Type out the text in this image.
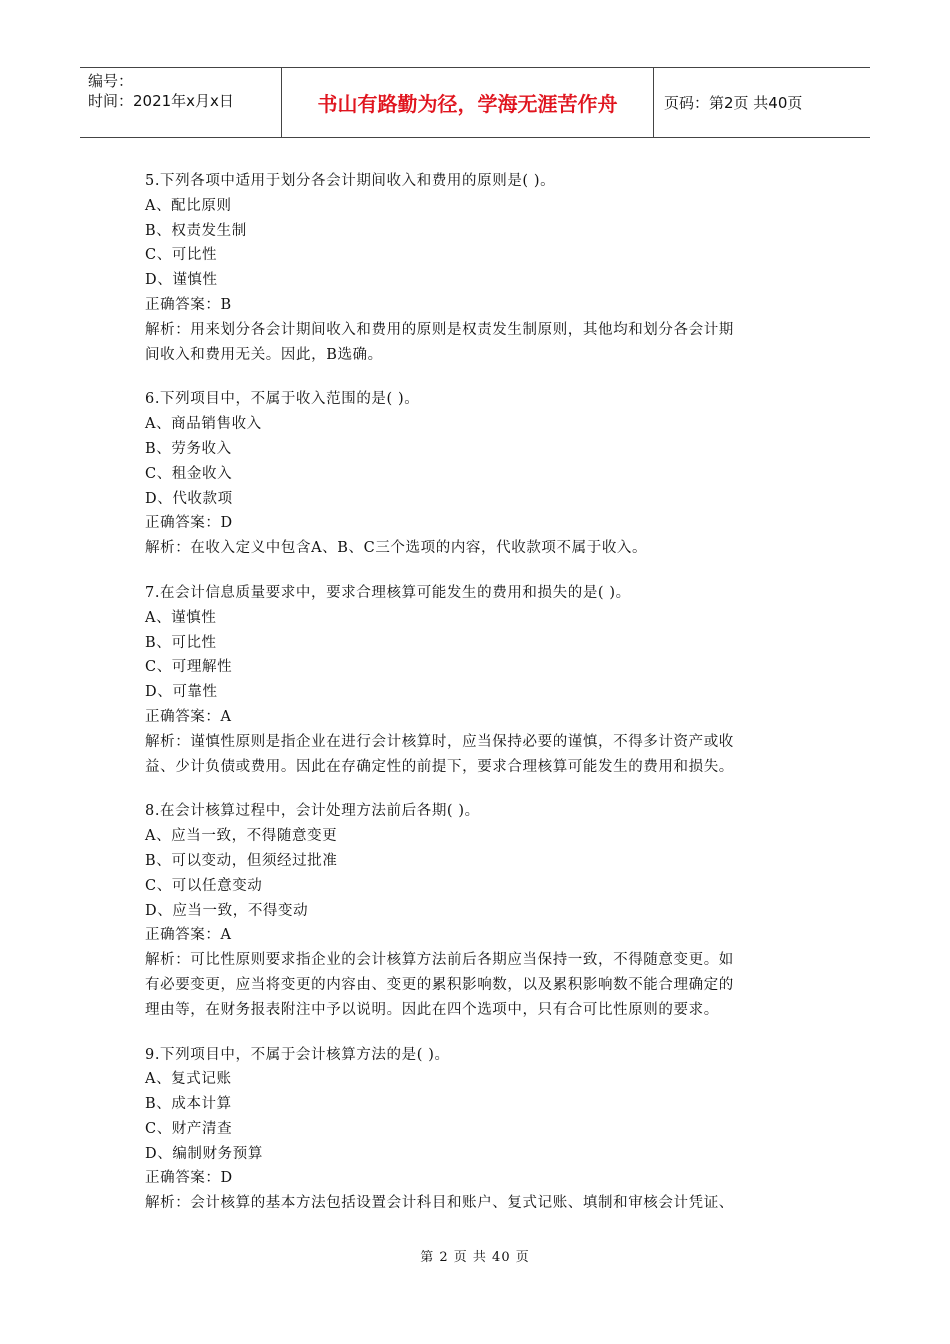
编号：
时间：2021年x月x日	书山有路勤为径，学海无涯苦作舟	页码：第2页 共40页
5.下列各项中适用于划分各会计期间收入和费用的原则是( )。
A、配比原则
B、权责发生制
C、可比性
D、谨慎性
正确答案：B
解析：用来划分各会计期间收入和费用的原则是权责发生制原则，其他均和划分各会计期
间收入和费用无关。因此，B选确。
6.下列项目中，不属于收入范围的是( )。
A、商品销售收入
B、劳务收入
C、租金收入
D、代收款项
正确答案：D
解析：在收入定义中包含A、B、C三个选项的内容，代收款项不属于收入。
7.在会计信息质量要求中，要求合理核算可能发生的费用和损失的是( )。
A、谨慎性
B、可比性
C、可理解性
D、可靠性
正确答案：A
解析：谨慎性原则是指企业在进行会计核算时，应当保持必要的谨慎，不得多计资产或收
益、少计负债或费用。因此在存确定性的前提下，要求合理核算可能发生的费用和损失。
8.在会计核算过程中，会计处理方法前后各期( )。
A、应当一致，不得随意变更
B、可以变动，但须经过批准
C、可以任意变动
D、应当一致，不得变动
正确答案：A
解析：可比性原则要求指企业的会计核算方法前后各期应当保持一致，不得随意变更。如
有必要变更，应当将变更的内容由、变更的累积影响数，以及累积影响数不能合理确定的
理由等，在财务报表附注中予以说明。因此在四个选项中，只有合可比性原则的要求。
9.下列项目中，不属于会计核算方法的是( )。
A、复式记账
B、成本计算
C、财产清查
D、编制财务预算
正确答案：D
解析：会计核算的基本方法包括设置会计科目和账户、复式记账、填制和审核会计凭证、
第 2 页 共 40 页
